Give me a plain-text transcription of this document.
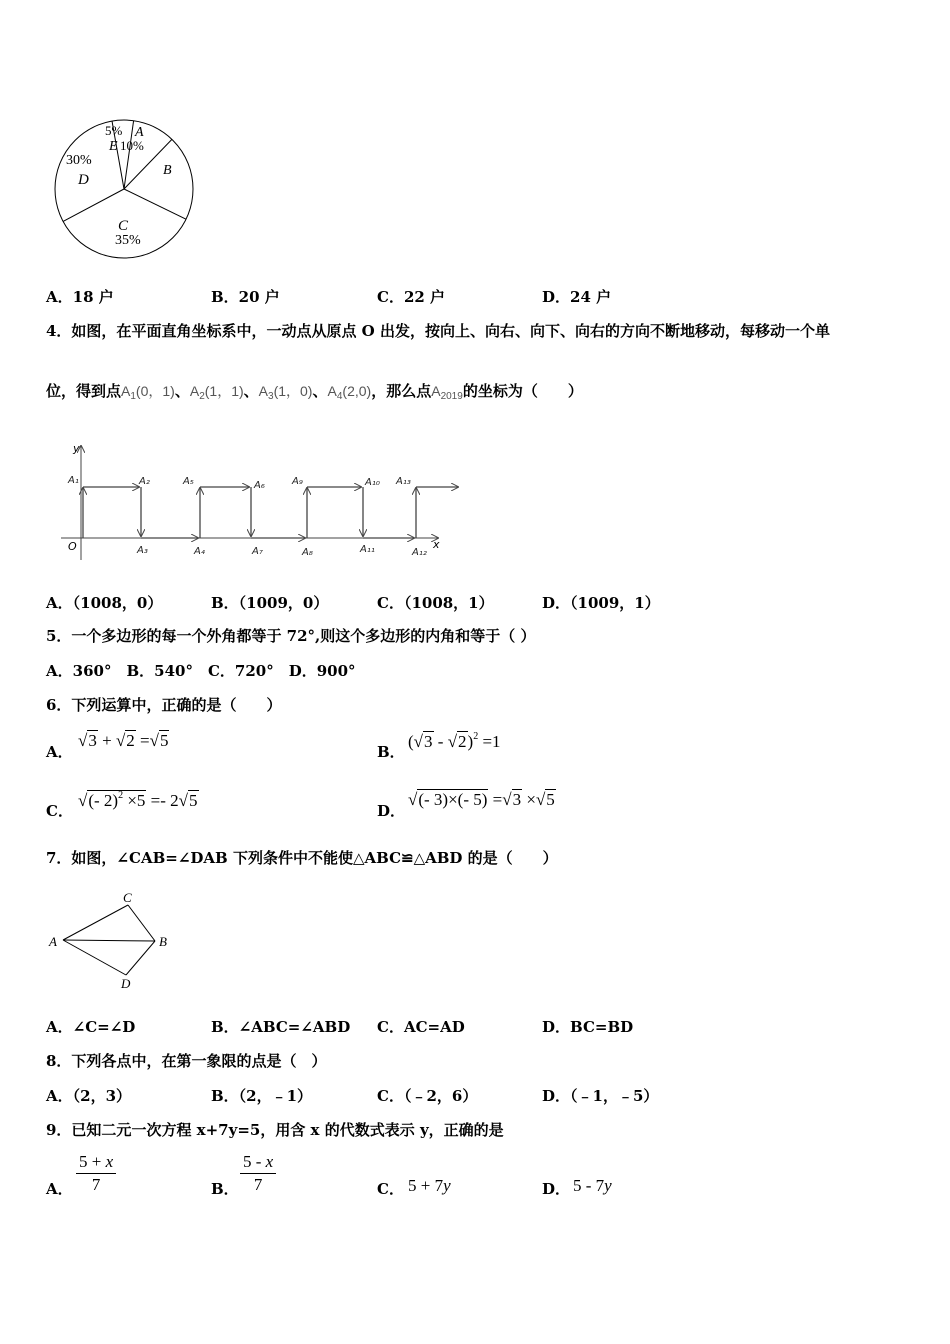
5%
E
A
10%
B
30%
D
C
35%
A．18 户	B．20 户	C．22 户	D．24 户
4．如图，在平面直角坐标系中，一动点从原点 O 出发，按向上、向右、向下、向右的方向不断地移动，每移动一个单
位，得到点$A_1(0$，1)、$A_2(1$，1)、$A_3(1$，0)、$A_4(2,0)$，那么点$A_{2019}$的坐标为（　　）
y
x
O
A₁	A₂	A₅	A₆	A₉	A₁₀ A₁₃
A₃	A₄	A₇	A₈	A₁₁	A₁₂
A．（1008，0）	B．（1009，0）	C．（1008，1）	D．（1009，1）
5．一个多边形的每一个外角都等于 72°,则这个多边形的内角和等于（ ）
A．360°　B．540°　C．720°　D．900°
6．下列运算中，正确的是（　　）
A．
√3 + √2 =√5
B．
(√3 - √2)$^2$ =1
C．
√(- 2)$^2$ ×5 =- 2√5
D．
√(- 3)×(- 5) =√3 ×√5
7．如图，∠CAB=∠DAB 下列条件中不能使△ABC≌△ABD 的是（　　）
C
A	B
D
A．∠C=∠D	B．∠ABC=∠ABD C．AC=AD	D．BC=BD
8．下列各点中，在第一象限的点是（　）
A．（2，3）	B．（2，﹣1）	C．（﹣2，6）	D．（﹣1，﹣5）
9．已知二元一次方程 x+7y=5，用含 x 的代数式表示 y，正确的是
A． $\frac{5 + x}{7}$	B． $\frac{5 - x}{7}$	C． 5 + 7y	D． 5 - 7y
